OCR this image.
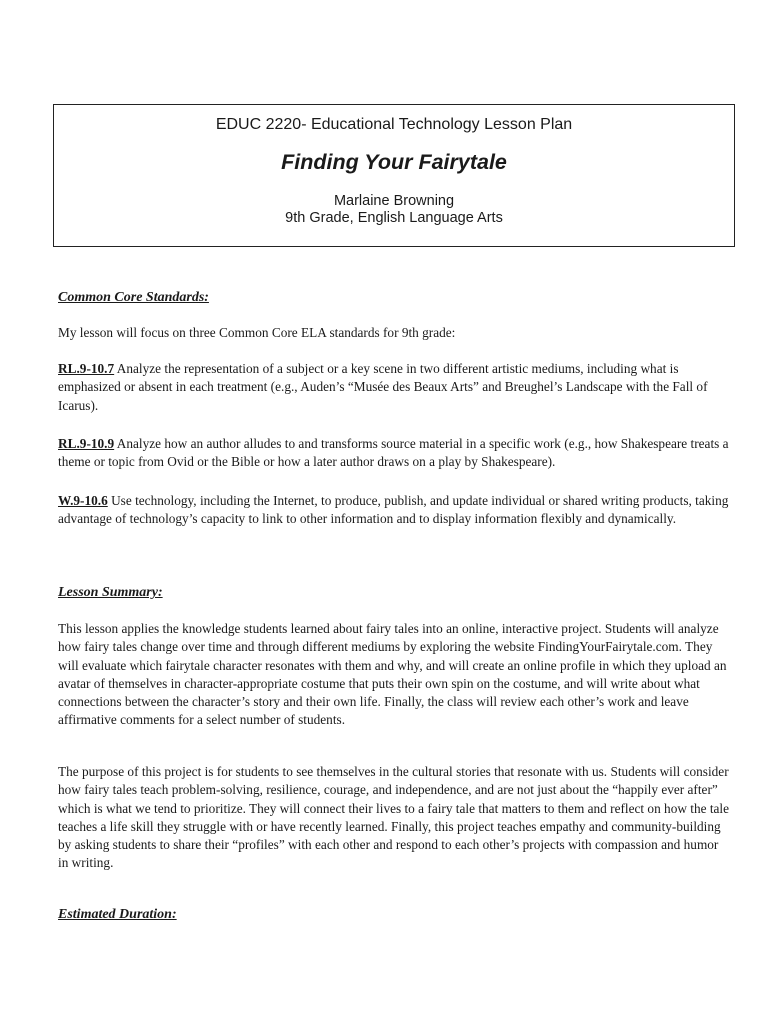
EDUC 2220- Educational Technology Lesson Plan
Finding Your Fairytale
Marlaine Browning
9th Grade, English Language Arts
Common Core Standards:

My lesson will focus on three Common Core ELA standards for 9th grade:

RL.9-10.7 Analyze the representation of a subject or a key scene in two different artistic mediums, including what is emphasized or absent in each treatment (e.g., Auden’s “Musée des Beaux Arts” and Breughel’s Landscape with the Fall of Icarus).

RL.9-10.9 Analyze how an author alludes to and transforms source material in a specific work (e.g., how Shakespeare treats a theme or topic from Ovid or the Bible or how a later author draws on a play by Shakespeare).

W.9-10.6 Use technology, including the Internet, to produce, publish, and update individual or shared writing products, taking advantage of technology’s capacity to link to other information and to display information flexibly and dynamically.

Lesson Summary:

This lesson applies the knowledge students learned about fairy tales into an online, interactive project. Students will analyze how fairy tales change over time and through different mediums by exploring the website FindingYourFairytale.com. They will evaluate which fairytale character resonates with them and why, and will create an online profile in which they upload an avatar of themselves in character-appropriate costume that puts their own spin on the costume, and will write about what connections between the character’s story and their own life. Finally, the class will review each other’s work and leave affirmative comments for a select number of students.

The purpose of this project is for students to see themselves in the cultural stories that resonate with us. Students will consider how fairy tales teach problem-solving, resilience, courage, and independence, and are not just about the “happily ever after” which is what we tend to prioritize. They will connect their lives to a fairy tale that matters to them and reflect on how the tale teaches a life skill they struggle with or have recently learned. Finally, this project teaches empathy and community-building by asking students to share their “profiles” with each other and respond to each other’s projects with compassion and humor in writing.

Estimated Duration:
